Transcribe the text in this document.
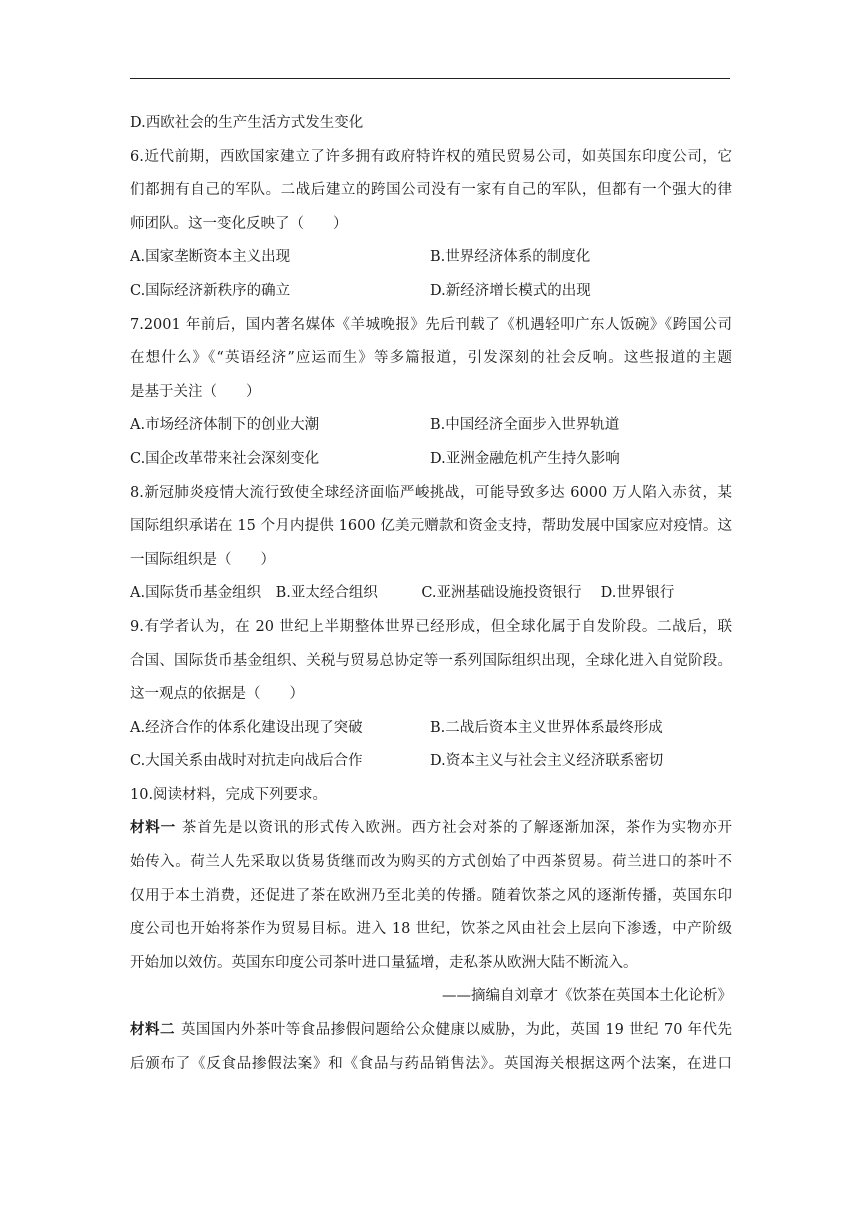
D.西欧社会的生产生活方式发生变化
6.近代前期，西欧国家建立了许多拥有政府特许权的殖民贸易公司，如英国东印度公司，它
们都拥有自己的军队。二战后建立的跨国公司没有一家有自己的军队，但都有一个强大的律
师团队。这一变化反映了（　　）
A.国家垄断资本主义出现	B.世界经济体系的制度化
C.国际经济新秩序的确立	D.新经济增长模式的出现
7.2001 年前后，国内著名媒体《羊城晚报》先后刊载了《机遇轻叩广东人饭碗》《跨国公司
在想什么》《“英语经济”应运而生》等多篇报道，引发深刻的社会反响。这些报道的主题
是基于关注（　　）
A.市场经济体制下的创业大潮	B.中国经济全面步入世界轨道
C.国企改革带来社会深刻变化	D.亚洲金融危机产生持久影响
8.新冠肺炎疫情大流行致使全球经济面临严峻挑战，可能导致多达 6000 万人陷入赤贫，某
国际组织承诺在 15 个月内提供 1600 亿美元赠款和资金支持，帮助发展中国家应对疫情。这
一国际组织是（　　）
A.国际货币基金组织　B.亚太经合组织　　　C.亚洲基础设施投资银行　 D.世界银行
9.有学者认为，在 20 世纪上半期整体世界已经形成，但全球化属于自发阶段。二战后，联
合国、国际货币基金组织、关税与贸易总协定等一系列国际组织出现，全球化进入自觉阶段。
这一观点的依据是（　　）
A.经济合作的体系化建设出现了突破	B.二战后资本主义世界体系最终形成
C.大国关系由战时对抗走向战后合作	D.资本主义与社会主义经济联系密切
10.阅读材料，完成下列要求。
材料一 茶首先是以资讯的形式传入欧洲。西方社会对茶的了解逐渐加深，茶作为实物亦开
始传入。荷兰人先采取以货易货继而改为购买的方式创始了中西茶贸易。荷兰进口的茶叶不
仅用于本土消费，还促进了茶在欧洲乃至北美的传播。随着饮茶之风的逐渐传播，英国东印
度公司也开始将茶作为贸易目标。进入 18 世纪，饮茶之风由社会上层向下渗透，中产阶级
开始加以效仿。英国东印度公司茶叶进口量猛增，走私茶从欧洲大陆不断流入。
——摘编自刘章才《饮茶在英国本土化论析》
材料二 英国国内外茶叶等食品掺假问题给公众健康以威胁，为此，英国 19 世纪 70 年代先
后颁布了《反食品掺假法案》和《食品与药品销售法》。英国海关根据这两个法案，在进口
